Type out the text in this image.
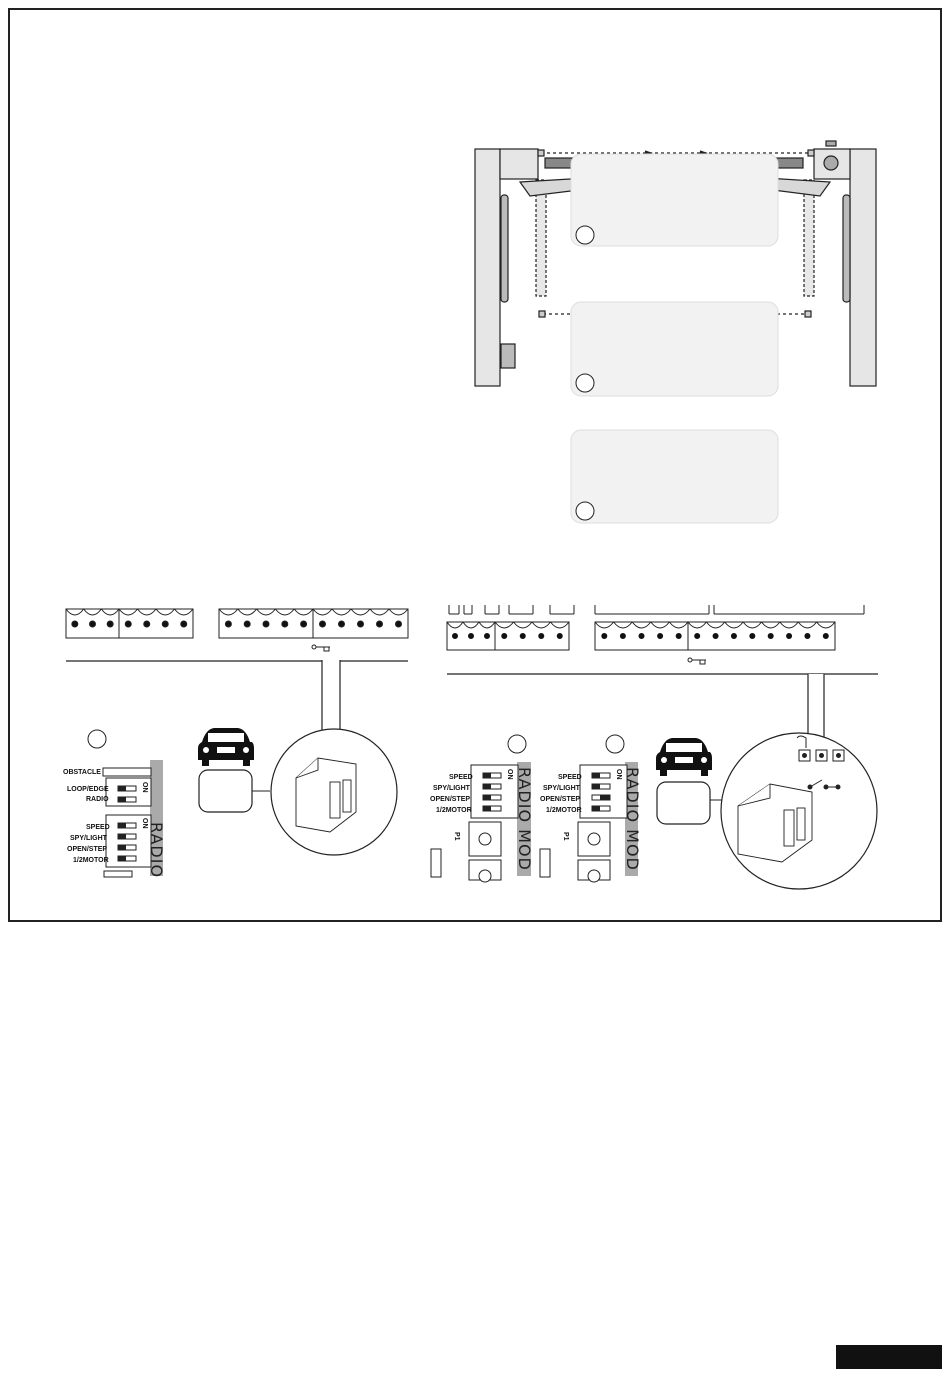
OBSTACLE
LOOP/EDGE
RADIO
SPEED
SPY/LIGHT
OPEN/STEP
1/2MOTOR
ON
ON RADIO
SPEED
SPY/LIGHT
OPEN/STEP
1/2MOTOR
ON RADIO MOD
P1
SPEED
SPY/LIGHT
OPEN/STEP
1/2MOTOR
ON RADIO MOD
P1
